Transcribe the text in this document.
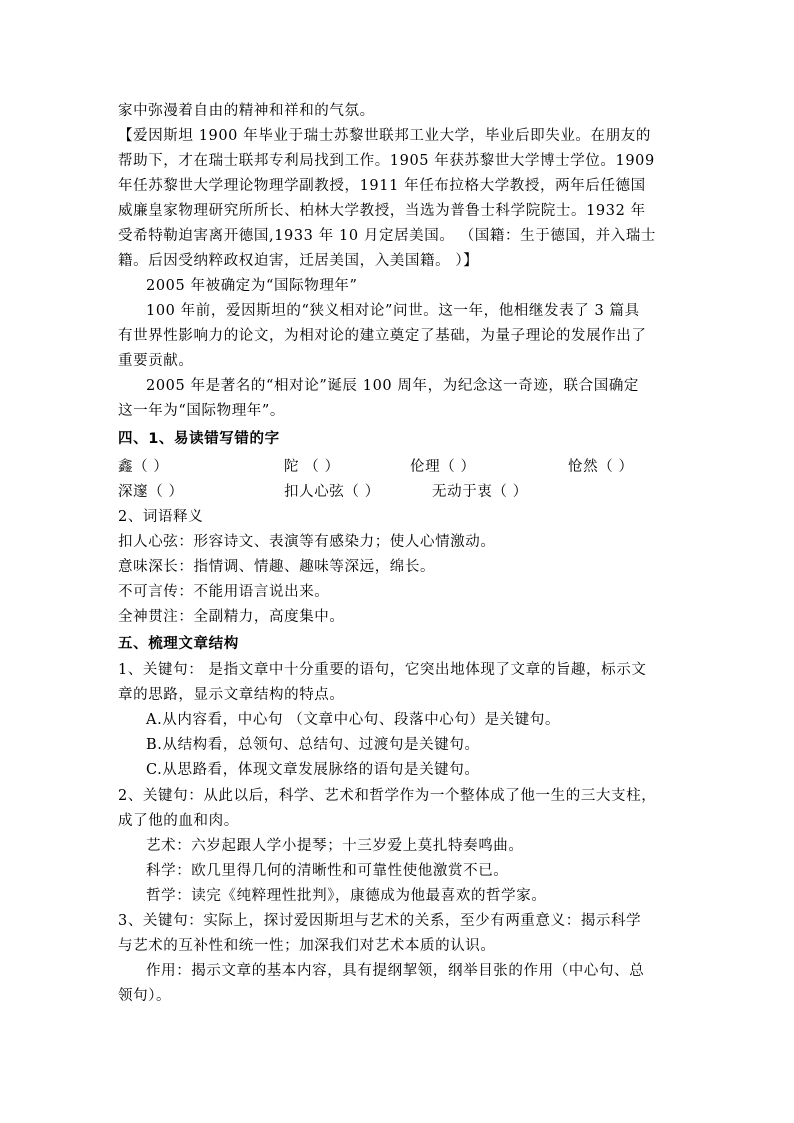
家中弥漫着自由的精神和祥和的气氛。
【爱因斯坦 1900 年毕业于瑞士苏黎世联邦工业大学，毕业后即失业。在朋友的
帮助下，才在瑞士联邦专利局找到工作。1905 年获苏黎世大学博士学位。1909
年任苏黎世大学理论物理学副教授，1911 年任布拉格大学教授，两年后任德国
威廉皇家物理研究所所长、柏林大学教授，当选为普鲁士科学院院士。1932 年
受希特勒迫害离开德国,1933 年 10 月定居美国。 （国籍：生于德国，并入瑞士
籍。后因受纳粹政权迫害，迁居美国，入美国籍。 ）】
2005 年被确定为“国际物理年”
100 年前，爱因斯坦的“狭义相对论”问世。这一年，他相继发表了 3 篇具
有世界性影响力的论文，为相对论的建立奠定了基础，为量子理论的发展作出了
重要贡献。
2005 年是著名的“相对论”诞辰 100 周年，为纪念这一奇迹，联合国确定
这一年为“国际物理年”。
四、1、易读错写错的字
鑫（ ）	陀 （ ）	伦理（ ）	怆然（ ）
深邃（ ）	扣人心弦（ ）	无动于衷（ ）
2、词语释义
扣人心弦：形容诗文、表演等有感染力；使人心情激动。
意味深长：指情调、情趣、趣味等深远，绵长。
不可言传：不能用语言说出来。
全神贯注：全副精力，高度集中。
五、梳理文章结构
1、关键句： 是指文章中十分重要的语句，它突出地体现了文章的旨趣，标示文
章的思路，显示文章结构的特点。
A.从内容看，中心句 （文章中心句、段落中心句）是关键句。
B.从结构看，总领句、总结句、过渡句是关键句。
C.从思路看，体现文章发展脉络的语句是关键句。
2、关键句：从此以后，科学、艺术和哲学作为一个整体成了他一生的三大支柱，
成了他的血和肉。
艺术：六岁起跟人学小提琴；十三岁爱上莫扎特奏鸣曲。
科学：欧几里得几何的清晰性和可靠性使他激赏不已。
哲学：读完《纯粹理性批判》，康德成为他最喜欢的哲学家。
3、关键句：实际上，探讨爱因斯坦与艺术的关系，至少有两重意义：揭示科学
与艺术的互补性和统一性；加深我们对艺术本质的认识。
作用：揭示文章的基本内容，具有提纲挈领，纲举目张的作用（中心句、总
领句）。
